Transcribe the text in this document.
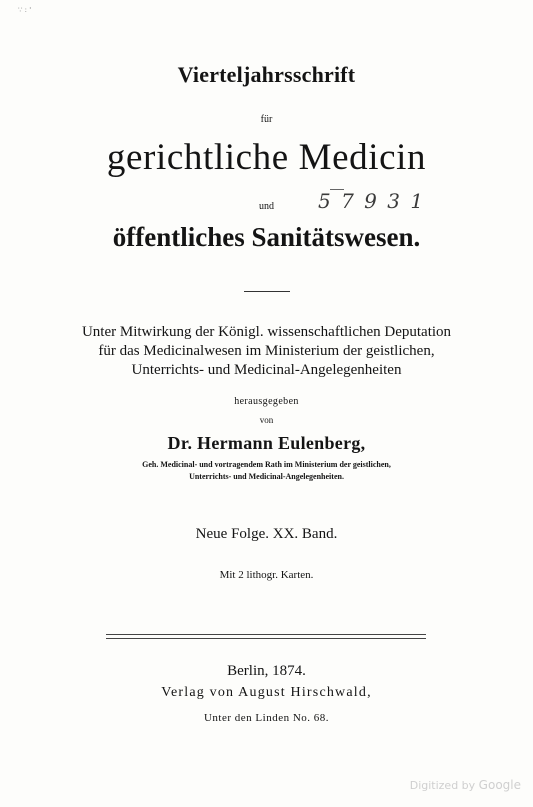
∵ : '
Vierteljahrsschrift
für
gerichtliche Medicin
und	5 7 9 3 1
öffentliches Sanitätswesen.
Unter Mitwirkung der Königl. wissenschaftlichen Deputation
für das Medicinalwesen im Ministerium der geistlichen,
Unterrichts- und Medicinal-Angelegenheiten
herausgegeben
von
Dr. Hermann Eulenberg,
Geh. Medicinal- und vortragendem Rath im Ministerium der geistlichen,
Unterrichts- und Medicinal-Angelegenheiten.
Neue Folge. XX. Band.
Mit 2 lithogr. Karten.
Berlin, 1874.
Verlag von August Hirschwald,
Unter den Linden No. 68.
Digitized by Google
